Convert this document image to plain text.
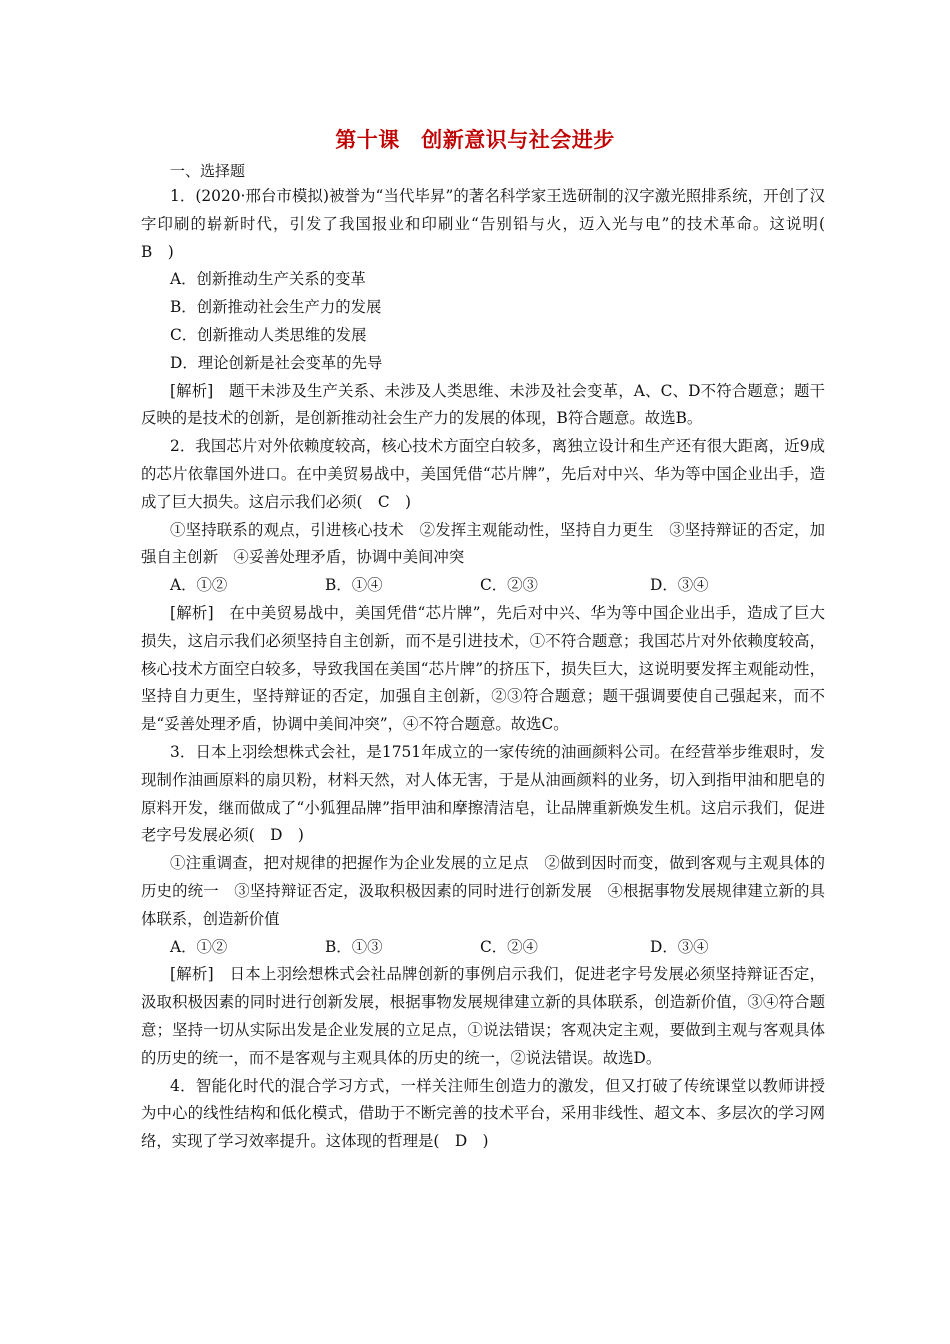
第十课　创新意识与社会进步
一、选择题

1．(2020·邢台市模拟)被誉为“当代毕昇”的著名科学家王选研制的汉字激光照排系统，开创了汉字印刷的崭新时代，引发了我国报业和印刷业“告别铅与火，迈入光与电”的技术革命。这说明(　B　)

A．创新推动生产关系的变革

B．创新推动社会生产力的发展

C．创新推动人类思维的发展

D．理论创新是社会变革的先导

[解析]　题干未涉及生产关系、未涉及人类思维、未涉及社会变革，A、C、D不符合题意；题干反映的是技术的创新，是创新推动社会生产力的发展的体现，B符合题意。故选B。

2．我国芯片对外依赖度较高，核心技术方面空白较多，离独立设计和生产还有很大距离，近9成的芯片依靠国外进口。在中美贸易战中，美国凭借“芯片牌”，先后对中兴、华为等中国企业出手，造成了巨大损失。这启示我们必须(　C　)

①坚持联系的观点，引进核心技术　②发挥主观能动性，坚持自力更生　③坚持辩证的否定，加强自主创新　④妥善处理矛盾，协调中美间冲突

A．①②	B．①④	C．②③	D．③④

[解析]　在中美贸易战中，美国凭借“芯片牌”，先后对中兴、华为等中国企业出手，造成了巨大损失，这启示我们必须坚持自主创新，而不是引进技术，①不符合题意；我国芯片对外依赖度较高，核心技术方面空白较多，导致我国在美国“芯片牌”的挤压下，损失巨大，这说明要发挥主观能动性，坚持自力更生，坚持辩证的否定，加强自主创新，②③符合题意；题干强调要使自己强起来，而不是“妥善处理矛盾，协调中美间冲突”，④不符合题意。故选C。

3．日本上羽绘想株式会社，是1751年成立的一家传统的油画颜料公司。在经营举步维艰时，发现制作油画原料的扇贝粉，材料天然，对人体无害，于是从油画颜料的业务，切入到指甲油和肥皂的原料开发，继而做成了“小狐狸品牌”指甲油和摩擦清洁皂，让品牌重新焕发生机。这启示我们，促进老字号发展必须(　D　)

①注重调查，把对规律的把握作为企业发展的立足点　②做到因时而变，做到客观与主观具体的历史的统一　③坚持辩证否定，汲取积极因素的同时进行创新发展　④根据事物发展规律建立新的具体联系，创造新价值

A．①②	B．①③	C．②④	D．③④

[解析]　日本上羽绘想株式会社品牌创新的事例启示我们，促进老字号发展必须坚持辩证否定，汲取积极因素的同时进行创新发展，根据事物发展规律建立新的具体联系，创造新价值，③④符合题意；坚持一切从实际出发是企业发展的立足点，①说法错误；客观决定主观，要做到主观与客观具体的历史的统一，而不是客观与主观具体的历史的统一，②说法错误。故选D。

4．智能化时代的混合学习方式，一样关注师生创造力的激发，但又打破了传统课堂以教师讲授为中心的线性结构和低化模式，借助于不断完善的技术平台，采用非线性、超文本、多层次的学习网络，实现了学习效率提升。这体现的哲理是(　D　)
